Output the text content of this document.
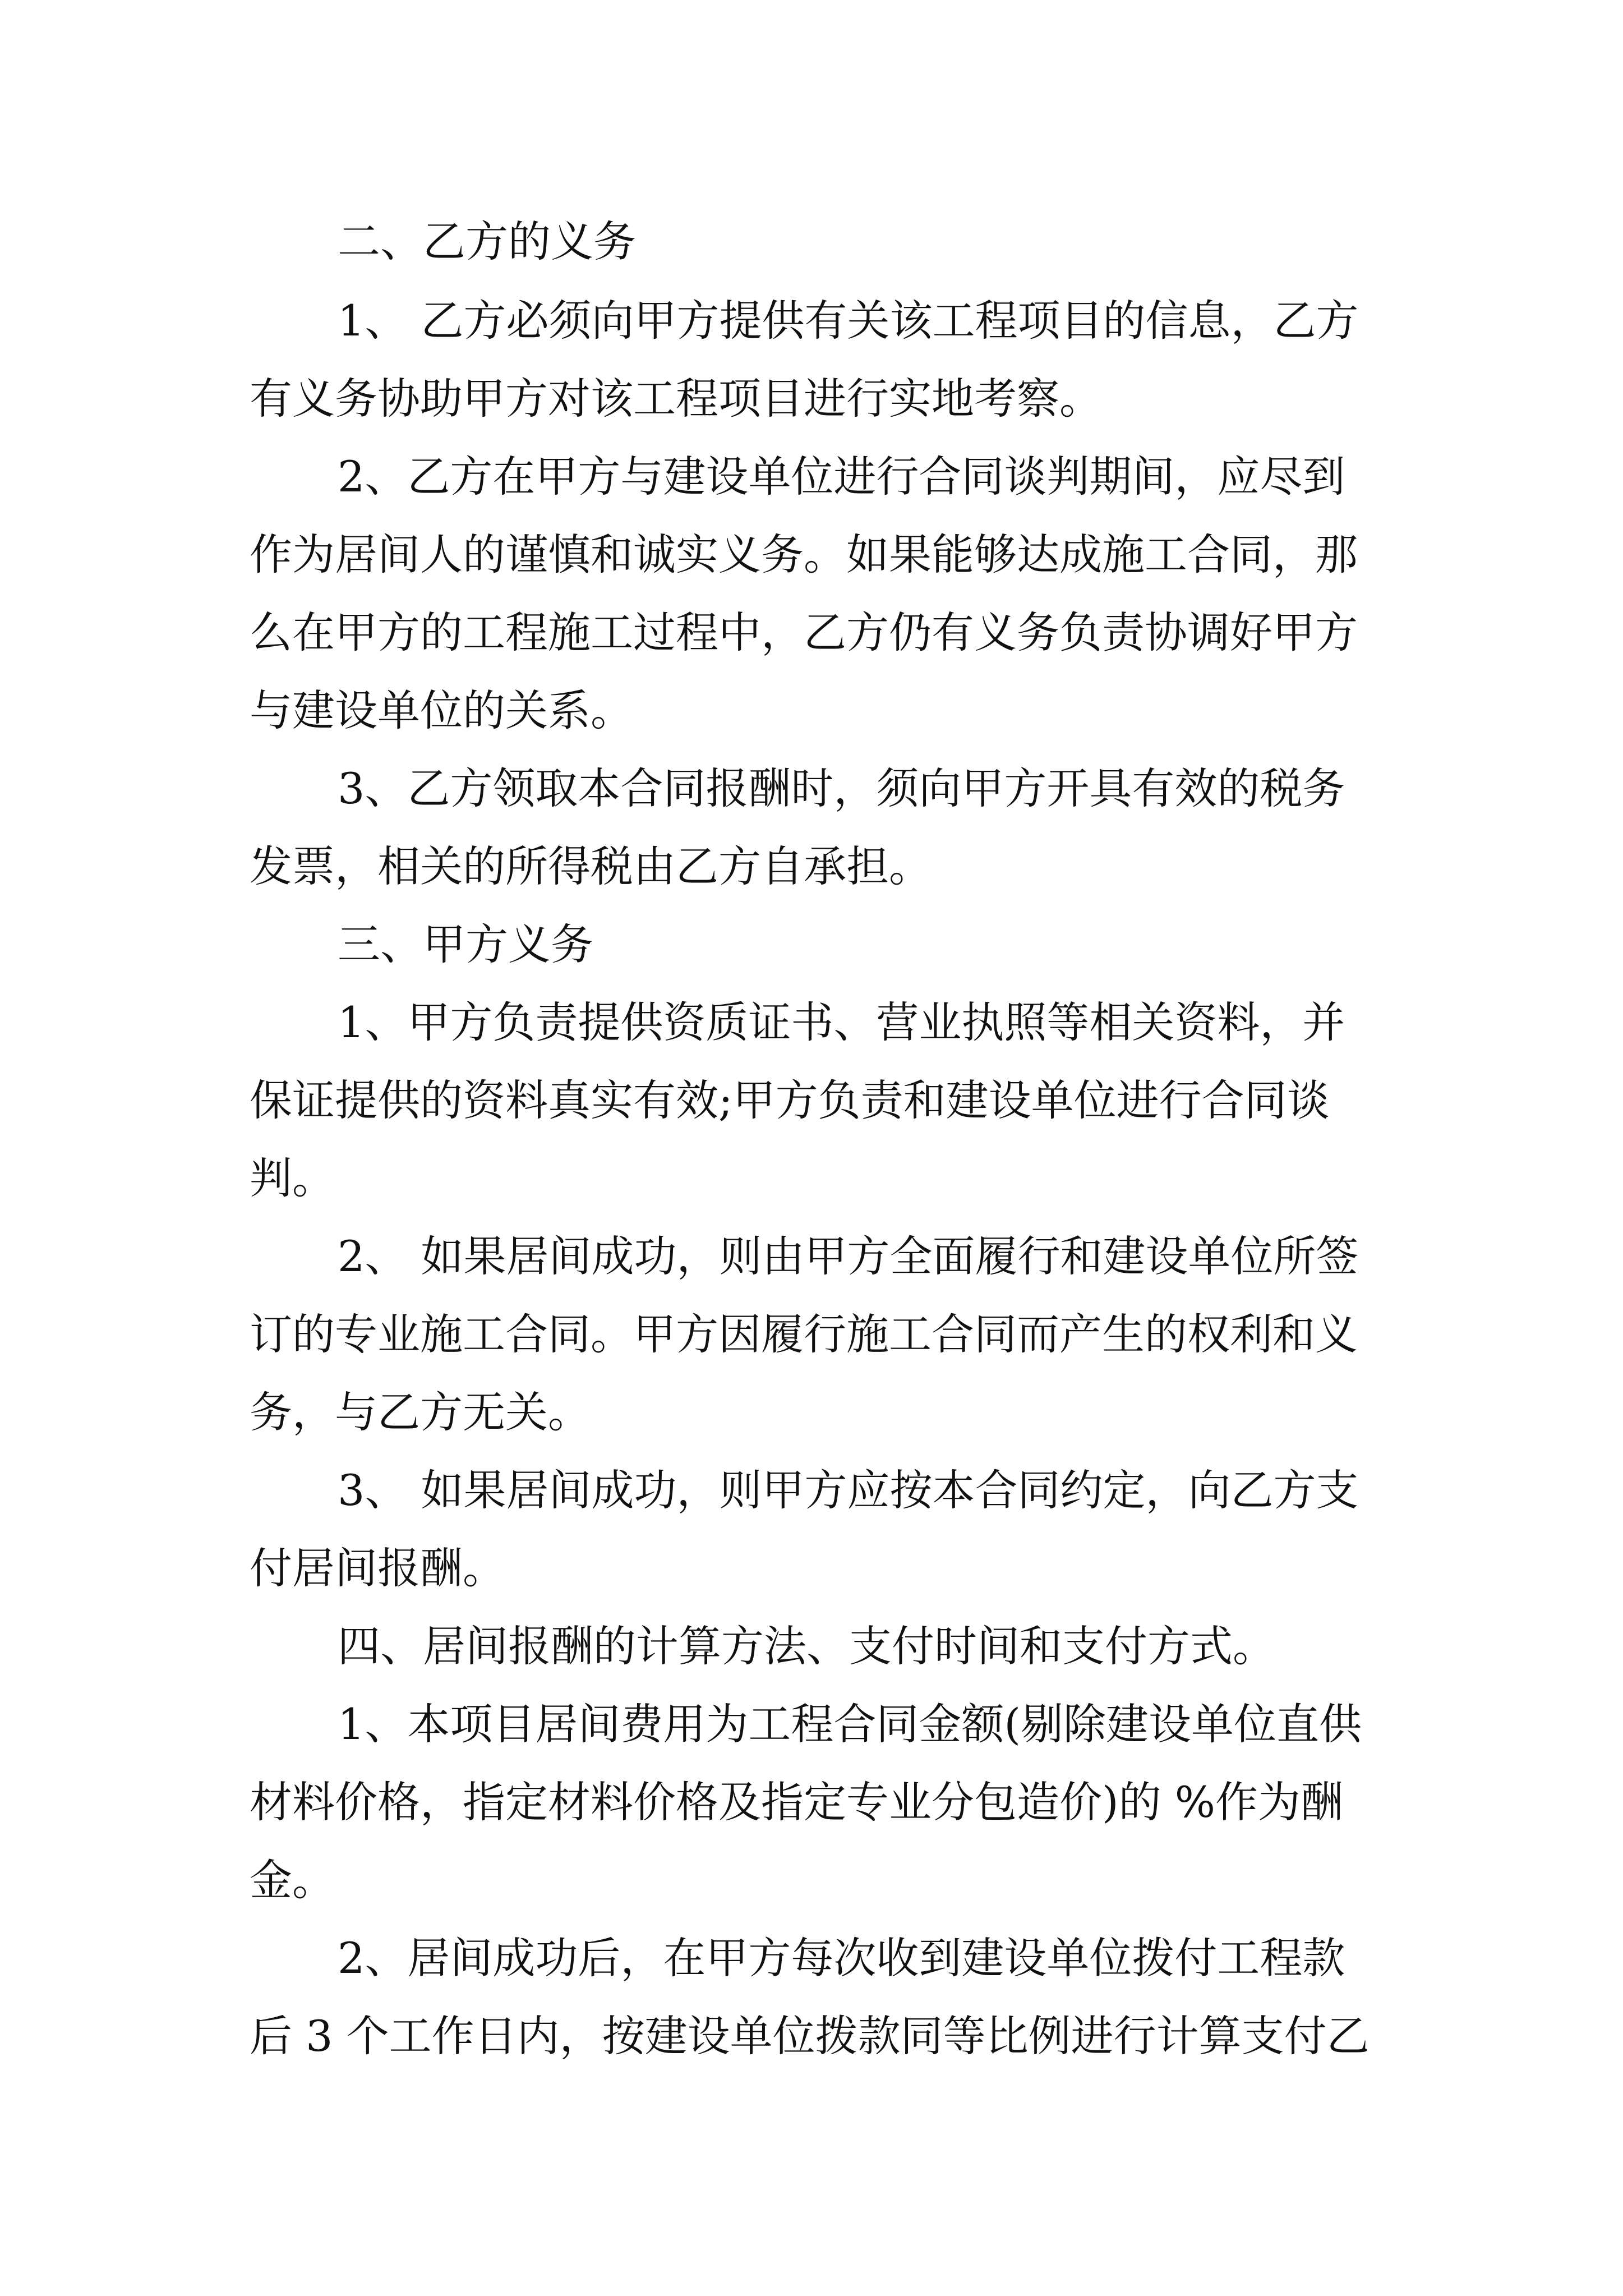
二、乙方的义务
1、 乙方必须向甲方提供有关该工程项目的信息，乙方
有义务协助甲方对该工程项目进行实地考察。
2、乙方在甲方与建设单位进行合同谈判期间，应尽到
作为居间人的谨慎和诚实义务。如果能够达成施工合同，那
么在甲方的工程施工过程中，乙方仍有义务负责协调好甲方
与建设单位的关系。
3、乙方领取本合同报酬时，须向甲方开具有效的税务
发票，相关的所得税由乙方自承担。
三、甲方义务
1、甲方负责提供资质证书、营业执照等相关资料，并
保证提供的资料真实有效;甲方负责和建设单位进行合同谈
判。
2、 如果居间成功，则由甲方全面履行和建设单位所签
订的专业施工合同。甲方因履行施工合同而产生的权利和义
务，与乙方无关。
3、 如果居间成功，则甲方应按本合同约定，向乙方支
付居间报酬。
四、居间报酬的计算方法、支付时间和支付方式。
1、本项目居间费用为工程合同金额(剔除建设单位直供
材料价格，指定材料价格及指定专业分包造价)的 %作为酬
金。
2、居间成功后，在甲方每次收到建设单位拨付工程款
后 3 个工作日内，按建设单位拨款同等比例进行计算支付乙
